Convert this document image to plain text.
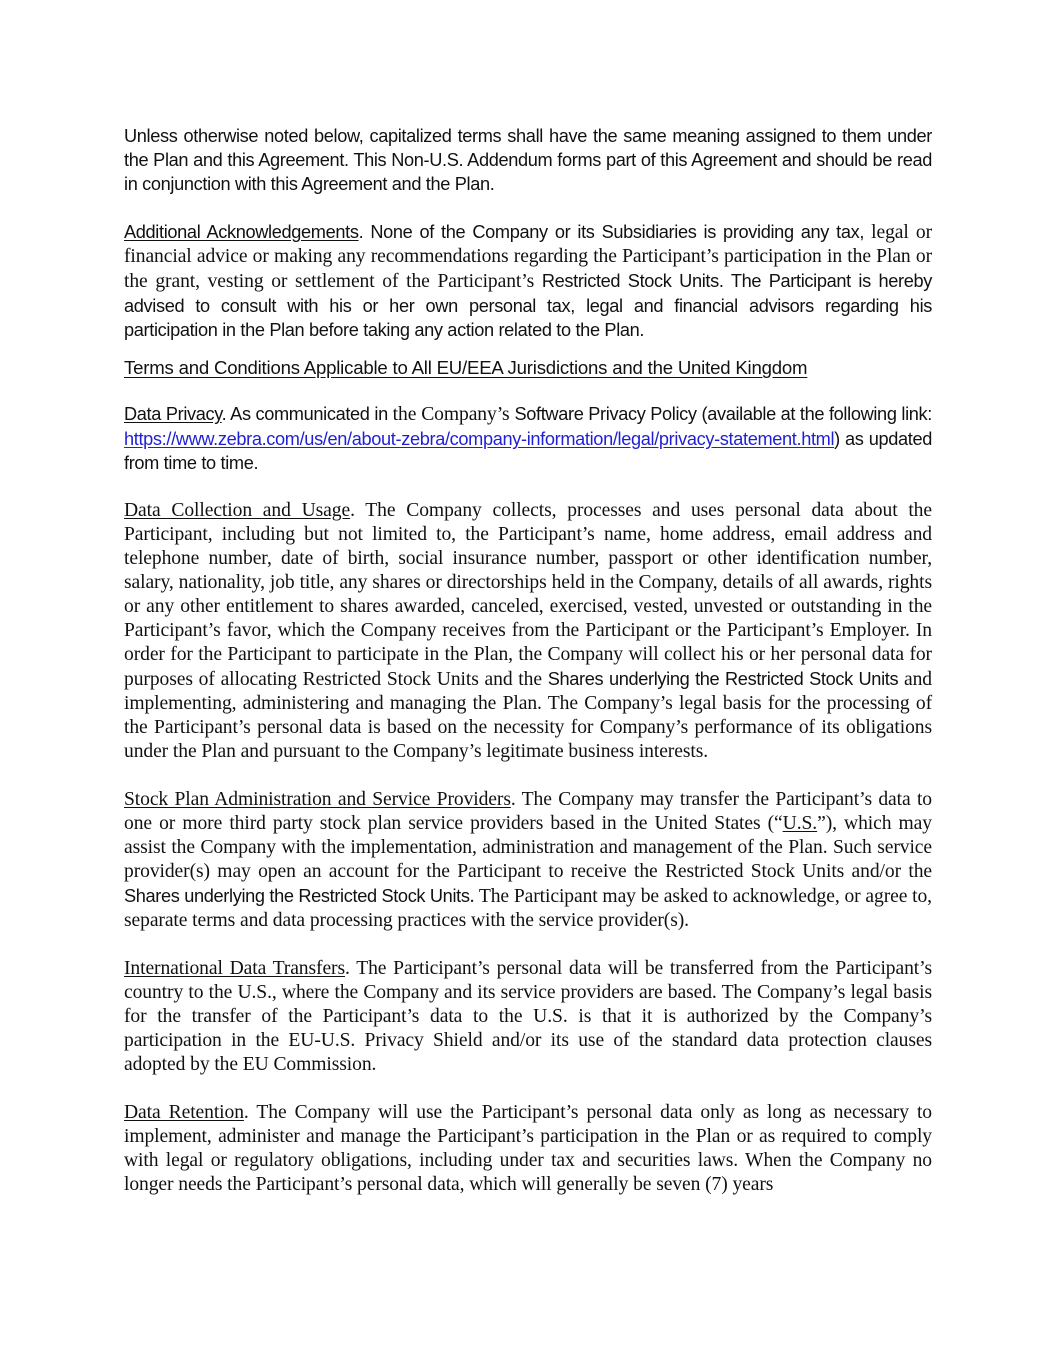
Unless otherwise noted below, capitalized terms shall have the same meaning assigned to them under the Plan and this Agreement. This Non-U.S. Addendum forms part of this Agreement and should be read in conjunction with this Agreement and the Plan.

Additional Acknowledgements. None of the Company or its Subsidiaries is providing any tax, legal or financial advice or making any recommendations regarding the Participant’s participation in the Plan or the grant, vesting or settlement of the Participant’s Restricted Stock Units. The Participant is hereby advised to consult with his or her own personal tax, legal and financial advisors regarding his participation in the Plan before taking any action related to the Plan.

Terms and Conditions Applicable to All EU/EEA Jurisdictions and the United Kingdom

Data Privacy. As communicated in the Company’s Software Privacy Policy (available at the following link: https://www.zebra.com/us/en/about-zebra/company-information/legal/privacy-statement.html) as updated from time to time.

Data Collection and Usage. The Company collects, processes and uses personal data about the Participant, including but not limited to, the Participant’s name, home address, email address and telephone number, date of birth, social insurance number, passport or other identification number, salary, nationality, job title, any shares or directorships held in the Company, details of all awards, rights or any other entitlement to shares awarded, canceled, exercised, vested, unvested or outstanding in the Participant’s favor, which the Company receives from the Participant or the Participant’s Employer. In order for the Participant to participate in the Plan, the Company will collect his or her personal data for purposes of allocating Restricted Stock Units and the Shares underlying the Restricted Stock Units and implementing, administering and managing the Plan. The Company’s legal basis for the processing of the Participant’s personal data is based on the necessity for Company’s performance of its obligations under the Plan and pursuant to the Company’s legitimate business interests.

Stock Plan Administration and Service Providers. The Company may transfer the Participant’s data to one or more third party stock plan service providers based in the United States (“U.S.”), which may assist the Company with the implementation, administration and management of the Plan. Such service provider(s) may open an account for the Participant to receive the Restricted Stock Units and/or the Shares underlying the Restricted Stock Units. The Participant may be asked to acknowledge, or agree to, separate terms and data processing practices with the service provider(s).

International Data Transfers. The Participant’s personal data will be transferred from the Participant’s country to the U.S., where the Company and its service providers are based. The Company’s legal basis for the transfer of the Participant’s data to the U.S. is that it is authorized by the Company’s participation in the EU-U.S. Privacy Shield and/or its use of the standard data protection clauses adopted by the EU Commission.

Data Retention. The Company will use the Participant’s personal data only as long as necessary to implement, administer and manage the Participant’s participation in the Plan or as required to comply with legal or regulatory obligations, including under tax and securities laws. When the Company no longer needs the Participant’s personal data, which will generally be seven (7) years
